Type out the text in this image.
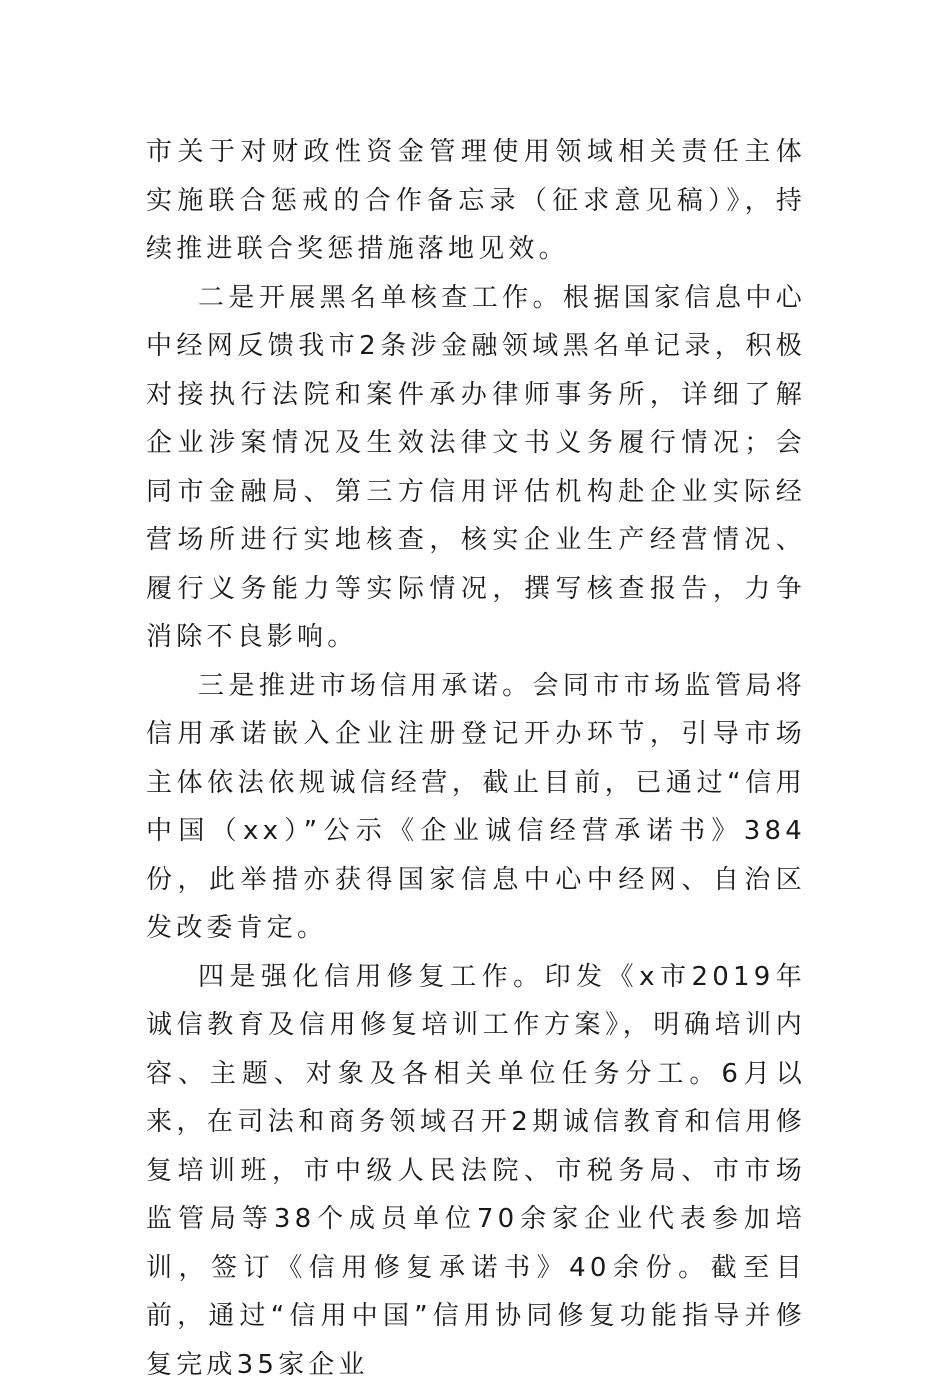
市关于对财政性资金管理使用领域相关责任主体实施联合惩戒的合作备忘录（征求意见稿）》，持续推进联合奖惩措施落地见效。

二是开展黑名单核查工作。根据国家信息中心中经网反馈我市2条涉金融领域黑名单记录，积极对接执行法院和案件承办律师事务所，详细了解企业涉案情况及生效法律文书义务履行情况；会同市金融局、第三方信用评估机构赴企业实际经营场所进行实地核查，核实企业生产经营情况、履行义务能力等实际情况，撰写核查报告，力争消除不良影响。

三是推进市场信用承诺。会同市市场监管局将信用承诺嵌入企业注册登记开办环节，引导市场主体依法依规诚信经营，截止目前，已通过“信用中国（xx）”公示《企业诚信经营承诺书》384份，此举措亦获得国家信息中心中经网、自治区发改委肯定。

四是强化信用修复工作。印发《x市2019年诚信教育及信用修复培训工作方案》，明确培训内容、主题、对象及各相关单位任务分工。6月以来，在司法和商务领域召开2期诚信教育和信用修复培训班，市中级人民法院、市税务局、市市场监管局等38个成员单位70余家企业代表参加培训，签订《信用修复承诺书》40余份。截至目前，通过“信用中国”信用协同修复功能指导并修复完成35家企业
